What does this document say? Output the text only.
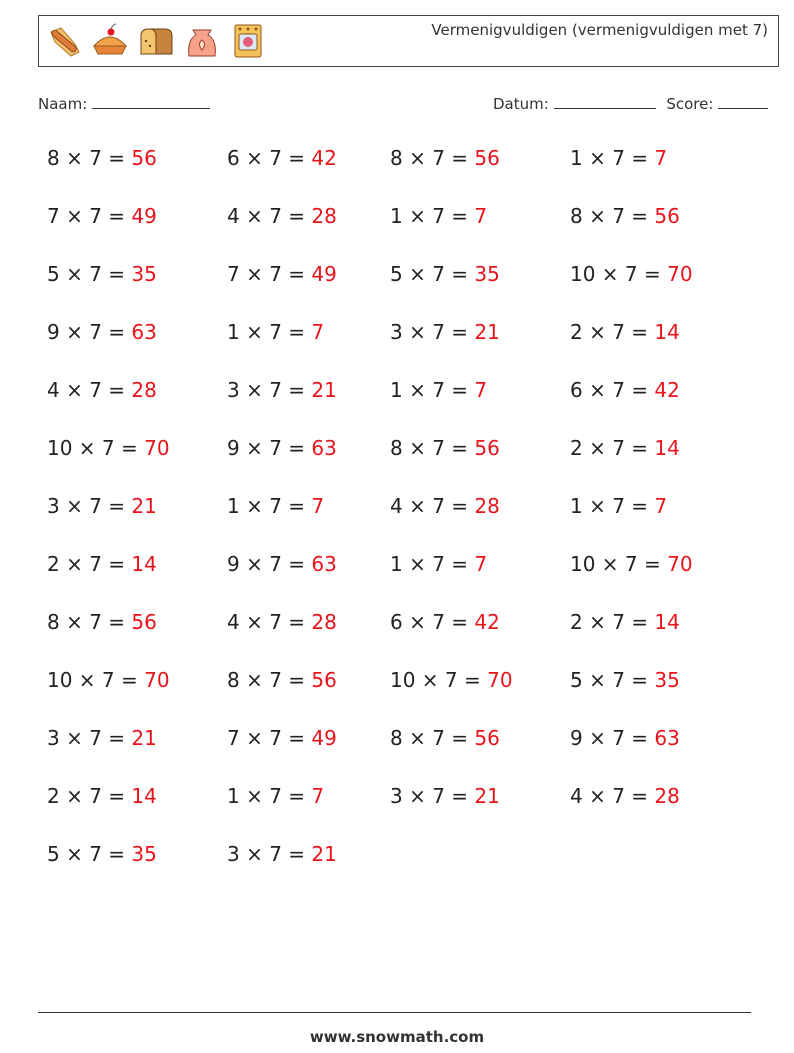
Vermenigvuldigen (vermenigvuldigen met 7)
Naam:	Datum:	Score:
8 × 7 = 56	6 × 7 = 42	8 × 7 = 56	1 × 7 = 7
7 × 7 = 49	4 × 7 = 28	1 × 7 = 7	8 × 7 = 56
5 × 7 = 35	7 × 7 = 49	5 × 7 = 35	10 × 7 = 70
9 × 7 = 63	1 × 7 = 7	3 × 7 = 21	2 × 7 = 14
4 × 7 = 28	3 × 7 = 21	1 × 7 = 7	6 × 7 = 42
10 × 7 = 70	9 × 7 = 63	8 × 7 = 56	2 × 7 = 14
3 × 7 = 21	1 × 7 = 7	4 × 7 = 28	1 × 7 = 7
2 × 7 = 14	9 × 7 = 63	1 × 7 = 7	10 × 7 = 70
8 × 7 = 56	4 × 7 = 28	6 × 7 = 42	2 × 7 = 14
10 × 7 = 70	8 × 7 = 56	10 × 7 = 70	5 × 7 = 35
3 × 7 = 21	7 × 7 = 49	8 × 7 = 56	9 × 7 = 63
2 × 7 = 14	1 × 7 = 7	3 × 7 = 21	4 × 7 = 28
5 × 7 = 35	3 × 7 = 21
www.snowmath.com
